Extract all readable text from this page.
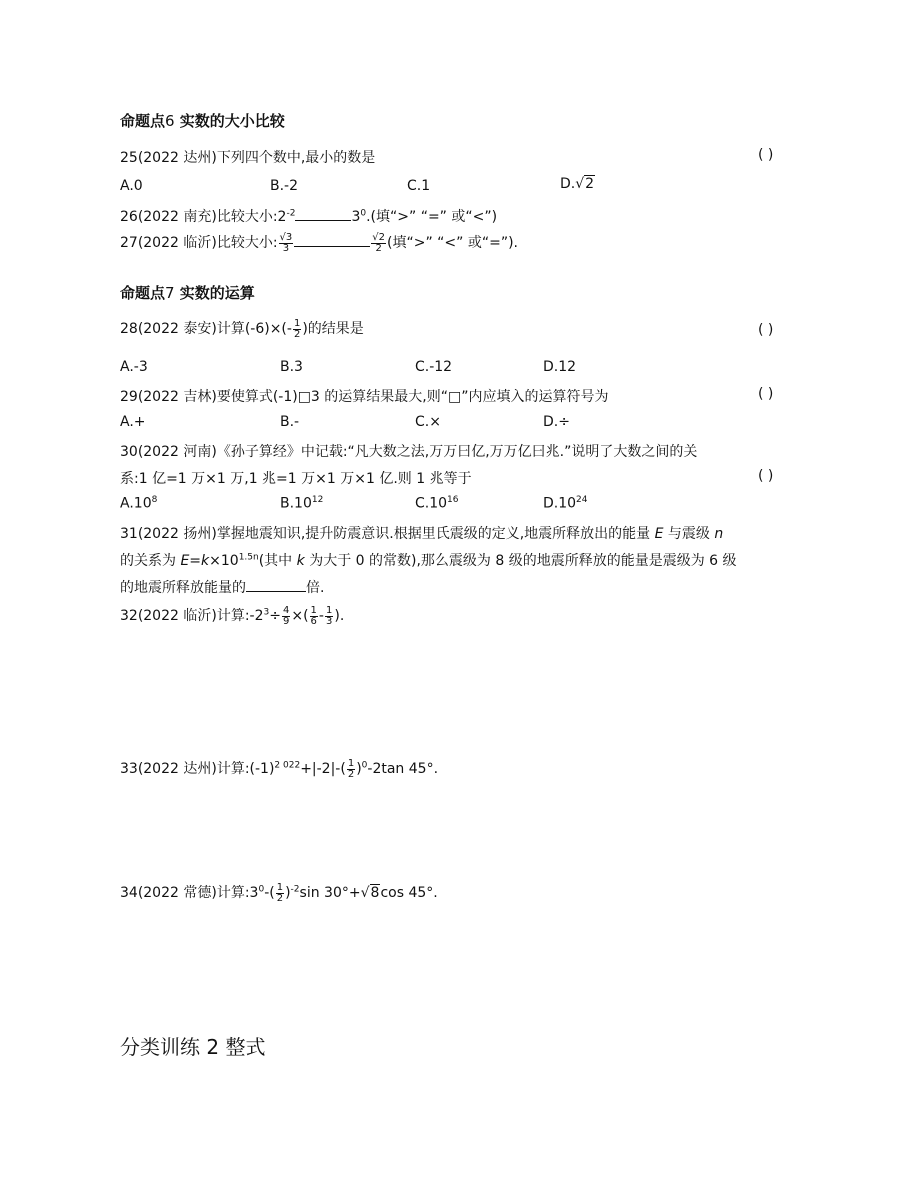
命题点6 实数的大小比较
25(2022 达州)下列四个数中,最小的数是	( )
A.0	B.-2	C.1	D.√2
26(2022 南充)比较大小$:2^{-2}$	$3^0$.(填“>” “=” 或“<”)
27(2022 临沂)比较大小: $\frac{√3}{3}$	$\frac{√2}{2}$ (填“>” “<” 或“=”).
命题点7 实数的运算
28(2022 泰安)计算$(-6)\times(- \frac{1}{2}$ )的结果是	( )
A.-3	B.3	C.-12	D.12
29(2022 吉林)要使算式(-1)□3 的运算结果最大,则“□”内应填入的运算符号为	( )
A.+	B.-	C.×	D.÷
30(2022 河南)《孙子算经》中记载:“凡大数之法,万万曰亿,万万亿曰兆.”说明了大数之间的关
系:1 亿=1 万×1 万,1 兆=1 万×1 万×1 亿.则 1 兆等于	( )
$A.10^8$	$B.10^{12}$	$C.10^{16}$	$D.10^{24}$
31(2022 扬州)掌握地震知识,提升防震意识.根据里氏震级的定义,地震所释放出的能量 E 与震级 n
的关系为 $E=k\times 10^{1.5n}$(其中 k 为大于 0 的常数),那么震级为 8 级的地震所释放的能量是震级为 6 级
的地震所释放能量的	倍.
32(2022 临沂)计算$:-2^3\div \frac{4}{9}$ ×( $\frac{1}{6} - \frac{1}{3}$ ).
33(2022 达州)计算$:(-1)^{2 022}+|-2|-( \frac{1}{2} )^0-2\tan$ 45°.
34(2022 常德)计算$:3^0-( \frac{1}{2} )^{-2}\sin$ 30°+√8cos 45°.
分类训练 2 整式
